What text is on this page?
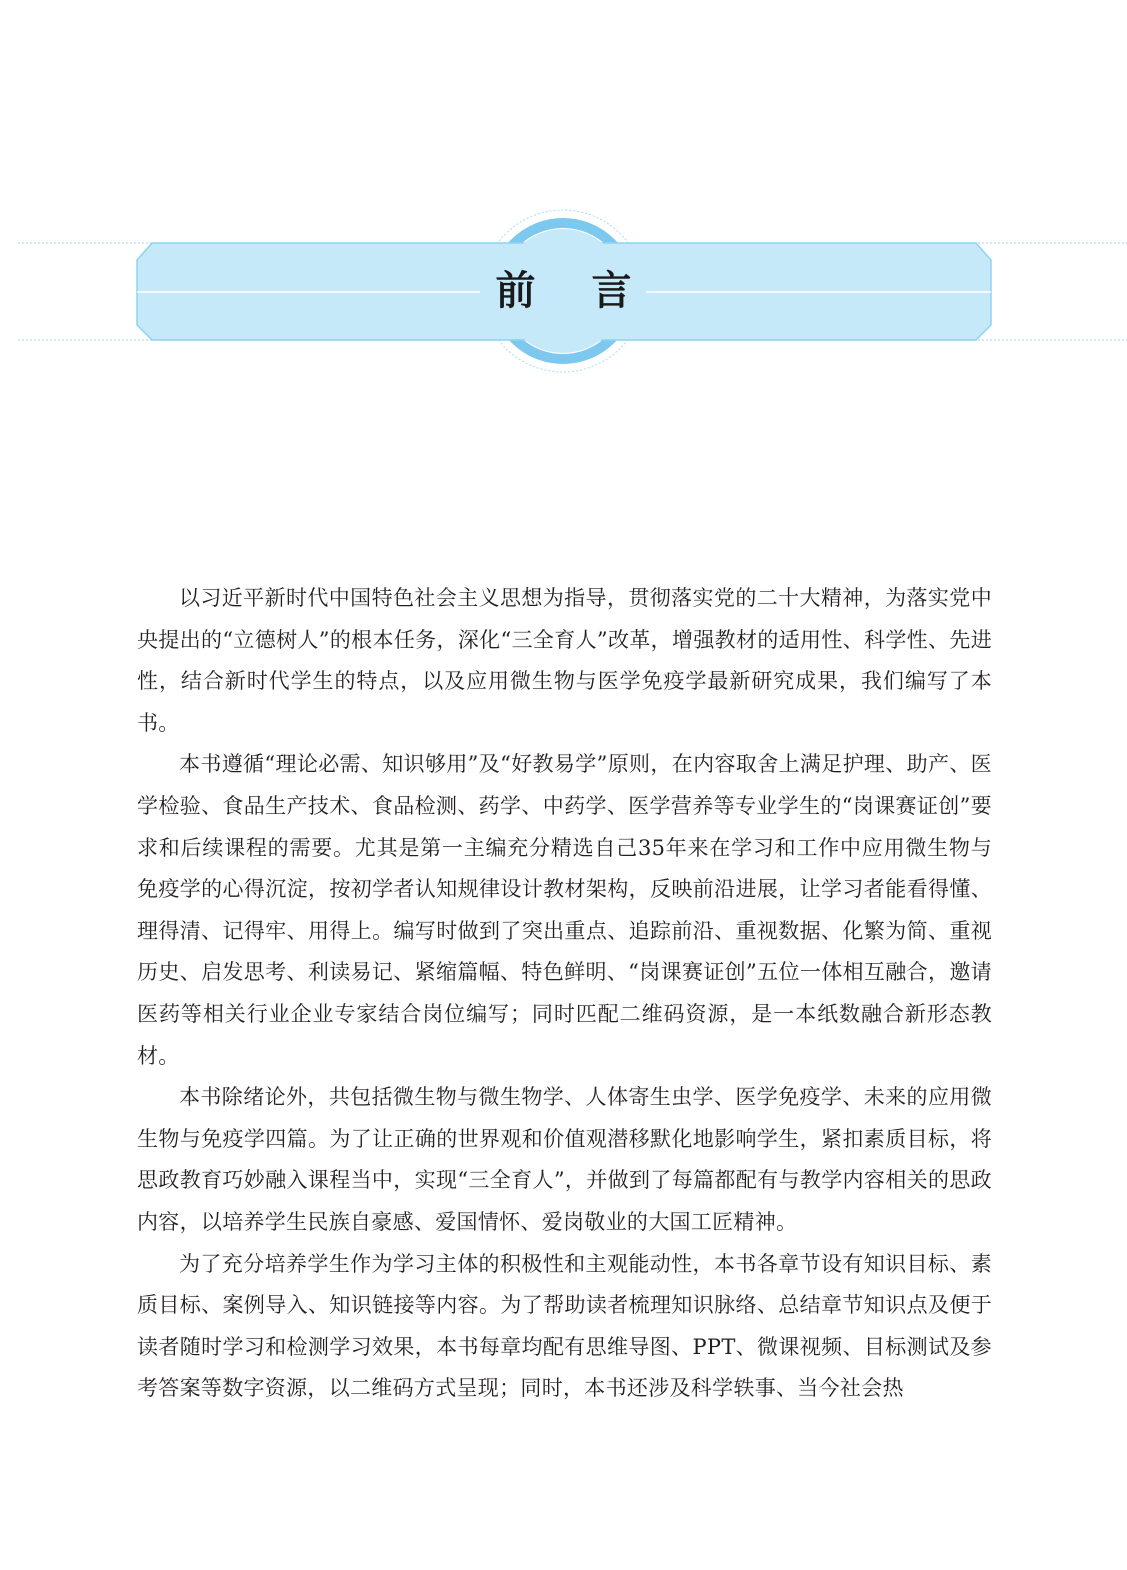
前言

以习近平新时代中国特色社会主义思想为指导，贯彻落实党的二十大精神，为落实党中央提出的“立德树人”的根本任务，深化“三全育人”改革，增强教材的适用性、科学性、先进性，结合新时代学生的特点，以及应用微生物与医学免疫学最新研究成果，我们编写了本书。

本书遵循“理论必需、知识够用”及“好教易学”原则，在内容取舍上满足护理、助产、医学检验、食品生产技术、食品检测、药学、中药学、医学营养等专业学生的“岗课赛证创”要求和后续课程的需要。尤其是第一主编充分精选自己35年来在学习和工作中应用微生物与免疫学的心得沉淀，按初学者认知规律设计教材架构，反映前沿进展，让学习者能看得懂、理得清、记得牢、用得上。编写时做到了突出重点、追踪前沿、重视数据、化繁为简、重视历史、启发思考、利读易记、紧缩篇幅、特色鲜明、“岗课赛证创”五位一体相互融合，邀请医药等相关行业企业专家结合岗位编写；同时匹配二维码资源，是一本纸数融合新形态教材。

本书除绪论外，共包括微生物与微生物学、人体寄生虫学、医学免疫学、未来的应用微生物与免疫学四篇。为了让正确的世界观和价值观潜移默化地影响学生，紧扣素质目标，将思政教育巧妙融入课程当中，实现“三全育人”，并做到了每篇都配有与教学内容相关的思政内容，以培养学生民族自豪感、爱国情怀、爱岗敬业的大国工匠精神。

为了充分培养学生作为学习主体的积极性和主观能动性，本书各章节设有知识目标、素质目标、案例导入、知识链接等内容。为了帮助读者梳理知识脉络、总结章节知识点及便于读者随时学习和检测学习效果，本书每章均配有思维导图、PPT、微课视频、目标测试及参考答案等数字资源，以二维码方式呈现；同时，本书还涉及科学轶事、当今社会热
